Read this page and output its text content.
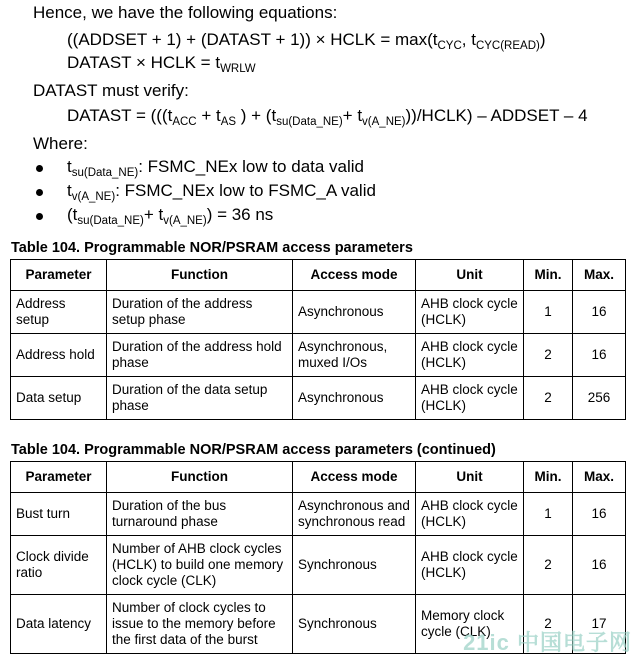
Hence, we have the following equations:
((ADDSET + 1) + (DATAST + 1)) × HCLK = $\max(t_{CYC}$, $t_{CYC(READ)}$)
DATAST × HCLK = $t_{WRLW}$
DATAST must verify:
DATAST = ((($t_{ACC} + t_{AS}$ ) + ($t_{su(Data\_NE)}+$ $t_{v(A\_NE)}))/HCLK$) – ADDSET – 4
Where:
$t_{su(Data\_NE)}$: FSMC_NEx low to data valid
$t_{v(A\_NE)}$: FSMC_NEx low to FSMC_A valid
$(t_{su(Data\_NE)}+ t_{v(A\_NE)}) = 36$ ns
Table 104. Programmable NOR/PSRAM access parameters
Parameter	Function	Access mode	Unit	Min.	Max.
Address setup	Duration of the address setup phase	Asynchronous	AHB clock cycle (HCLK)	1	16
Address hold	Duration of the address hold phase	Asynchronous, muxed I/Os	AHB clock cycle (HCLK)	2	16
Data setup	Duration of the data setup phase	Asynchronous	AHB clock cycle (HCLK)	2	256
Table 104. Programmable NOR/PSRAM access parameters (continued)
Parameter	Function	Access mode	Unit	Min.	Max.
Bust turn	Duration of the bus turnaround phase	Asynchronous and synchronous read	AHB clock cycle (HCLK)	1	16
Clock divide ratio	Number of AHB clock cycles (HCLK) to build one memory clock cycle (CLK)	Synchronous	AHB clock cycle (HCLK)	2	16
Data latency	Number of clock cycles to issue to the memory before the first data of the burst	Synchronous	Memory clock cycle (CLK)	2	17
21ic 中国电子网
